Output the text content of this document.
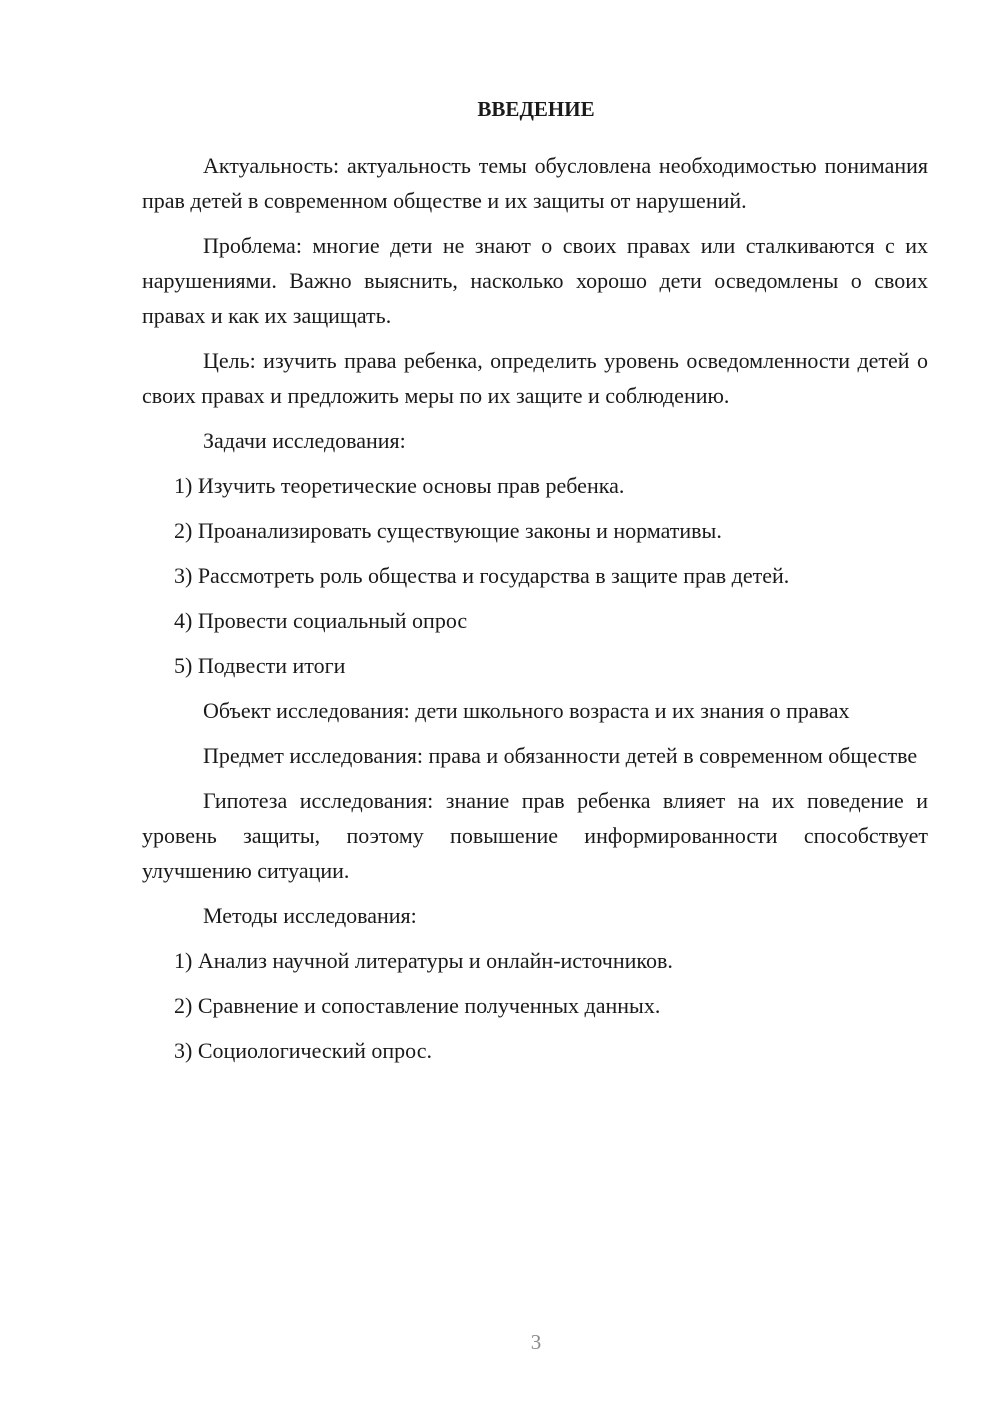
ВВЕДЕНИЕ

Актуальность: актуальность темы обусловлена необходимостью понимания прав детей в современном обществе и их защиты от нарушений.

Проблема: многие дети не знают о своих правах или сталкиваются с их нарушениями. Важно выяснить, насколько хорошо дети осведомлены о своих правах и как их защищать.

Цель: изучить права ребенка, определить уровень осведомленности детей о своих правах и предложить меры по их защите и соблюдению.

Задачи исследования:
1) Изучить теоретические основы прав ребенка.
2) Проанализировать существующие законы и нормативы.
3) Рассмотреть роль общества и государства в защите прав детей.
4) Провести социальный опрос
5) Подвести итоги

Объект исследования: дети школьного возраста и их знания о правах

Предмет исследования: права и обязанности детей в современном обществе

Гипотеза исследования: знание прав ребенка влияет на их поведение и уровень защиты, поэтому повышение информированности способствует улучшению ситуации.

Методы исследования:
1) Анализ научной литературы и онлайн-источников.
2) Сравнение и сопоставление полученных данных.
3) Социологический опрос.
3
